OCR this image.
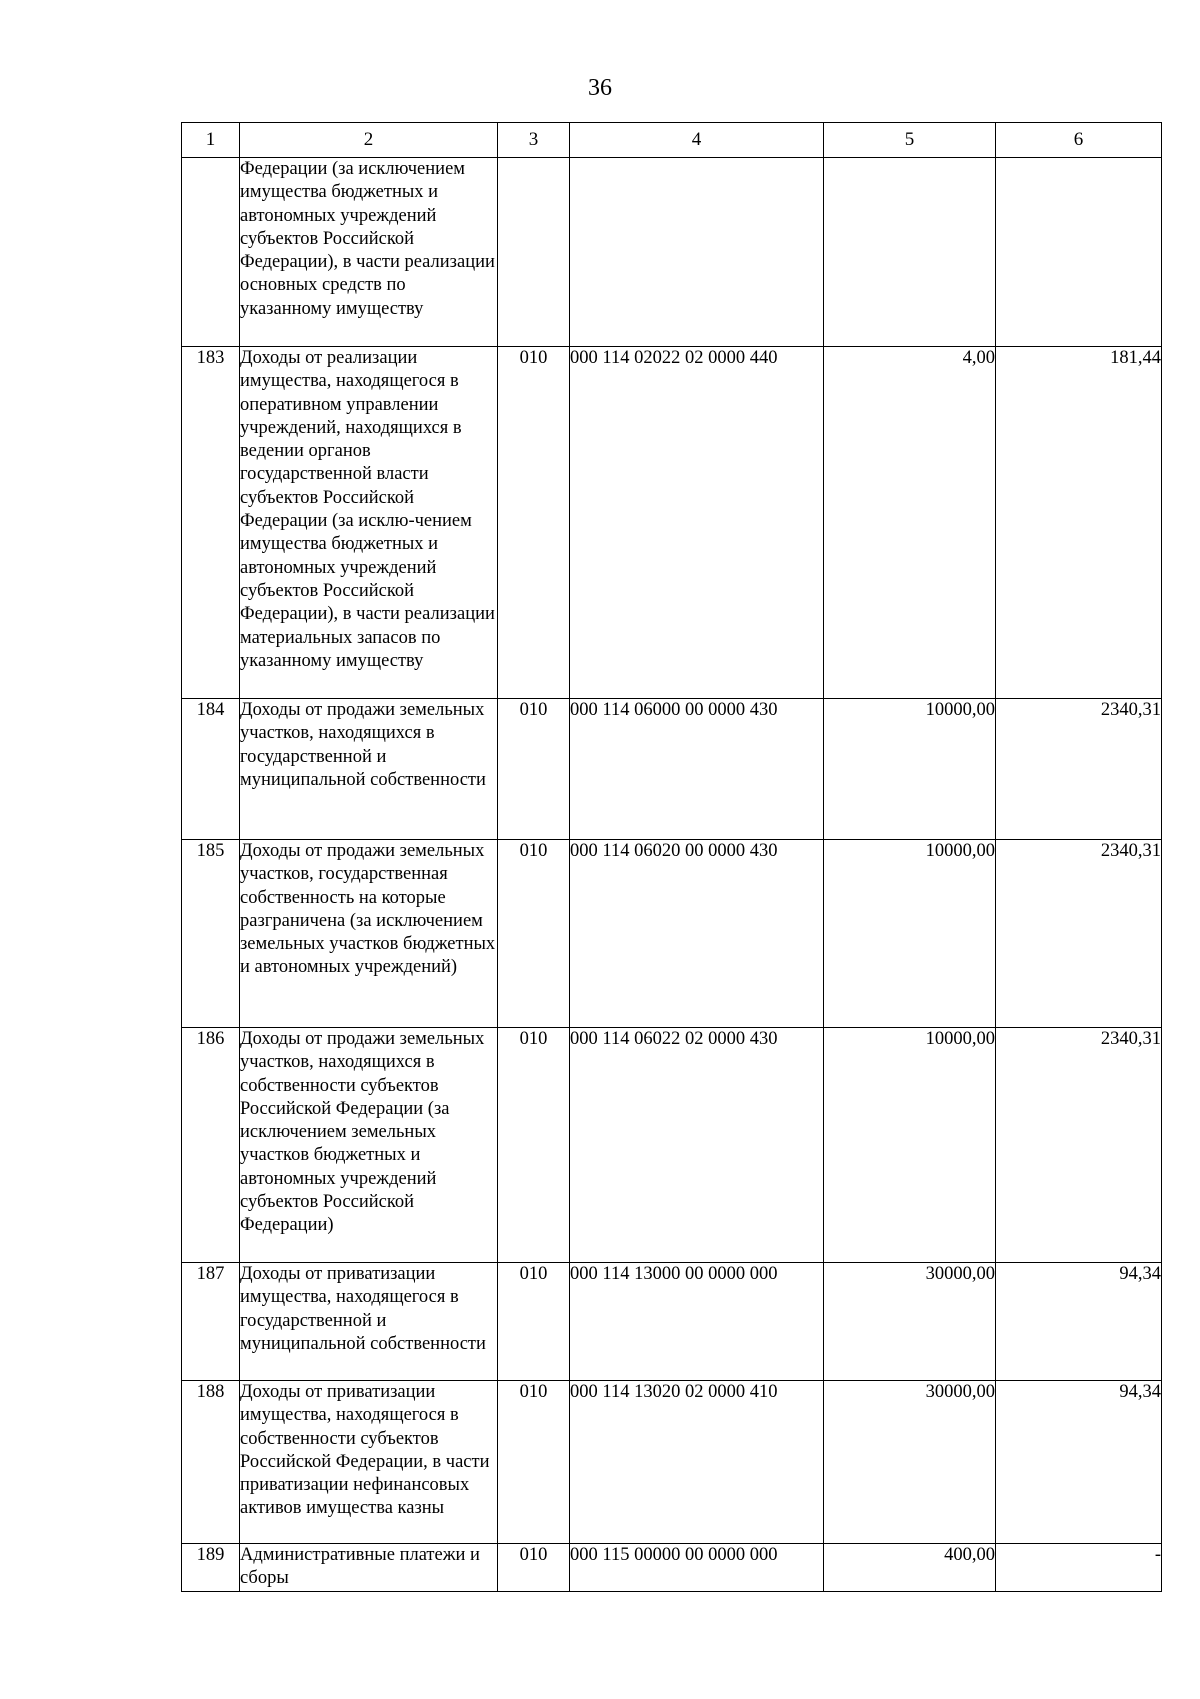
36
1	2	3	4	5	6
	Федерации (за исключением имущества бюджетных и автономных учреждений субъектов Российской Федерации), в части реализации основных средств по указанному имуществу				
183	Доходы от реализации имущества, находящегося в оперативном управлении учреждений, находящихся в ведении органов государственной власти субъектов Российской Федерации (за исклю-чением имущества бюджетных и автономных учреждений субъектов Российской Федерации), в части реализации материальных запасов по указанному имуществу	010	000 114 02022 02 0000 440	4,00	181,44
184	Доходы от продажи земельных участков, находящихся в государственной и муниципальной собственности	010	000 114 06000 00 0000 430	10000,00	2340,31
185	Доходы от продажи земельных участков, государственная собственность на которые разграничена (за исключением земельных участков бюджетных и автономных учреждений)	010	000 114 06020 00 0000 430	10000,00	2340,31
186	Доходы от продажи земельных участков, находящихся в собственности субъектов Российской Федерации (за исключением земельных участков бюджетных и автономных учреждений субъектов Российской Федерации)	010	000 114 06022 02 0000 430	10000,00	2340,31
187	Доходы от приватизации имущества, находящегося в государственной и муниципальной собственности	010	000 114 13000 00 0000 000	30000,00	94,34
188	Доходы от приватизации имущества, находящегося в собственности субъектов Российской Федерации, в части приватизации нефинансовых активов имущества казны	010	000 114 13020 02 0000 410	30000,00	94,34
189	Административные платежи и сборы	010	000 115 00000 00 0000 000	400,00	-
